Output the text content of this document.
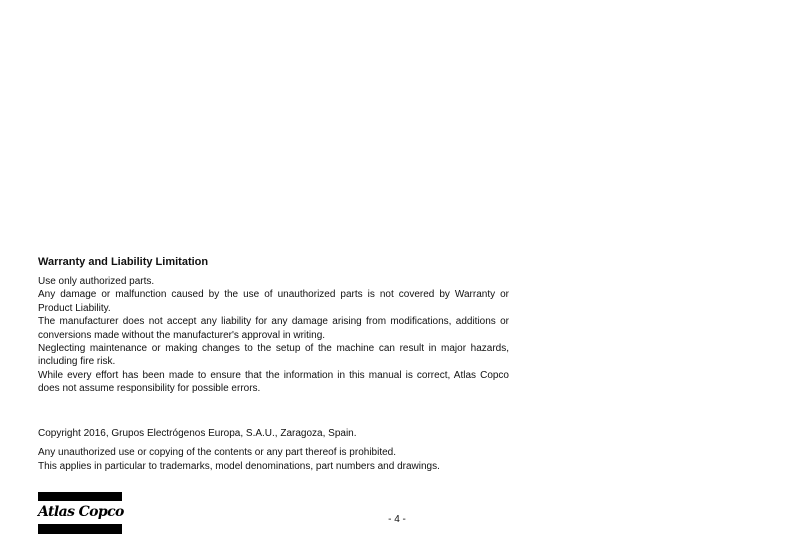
Warranty and Liability Limitation

Use only authorized parts.

Any damage or malfunction caused by the use of unauthorized parts is not covered by Warranty or Product Liability.

The manufacturer does not accept any liability for any damage arising from modifications, additions or conversions made without the manufacturer's approval in writing.

Neglecting maintenance or making changes to the setup of the machine can result in major hazards, including fire risk.

While every effort has been made to ensure that the information in this manual is correct, Atlas Copco does not assume responsibility for possible errors.

Copyright 2016, Grupos Electrógenos Europa, S.A.U., Zaragoza, Spain.

Any unauthorized use or copying of the contents or any part thereof is prohibited.

This applies in particular to trademarks, model denominations, part numbers and drawings.

Atlas Copco	- 4 -
